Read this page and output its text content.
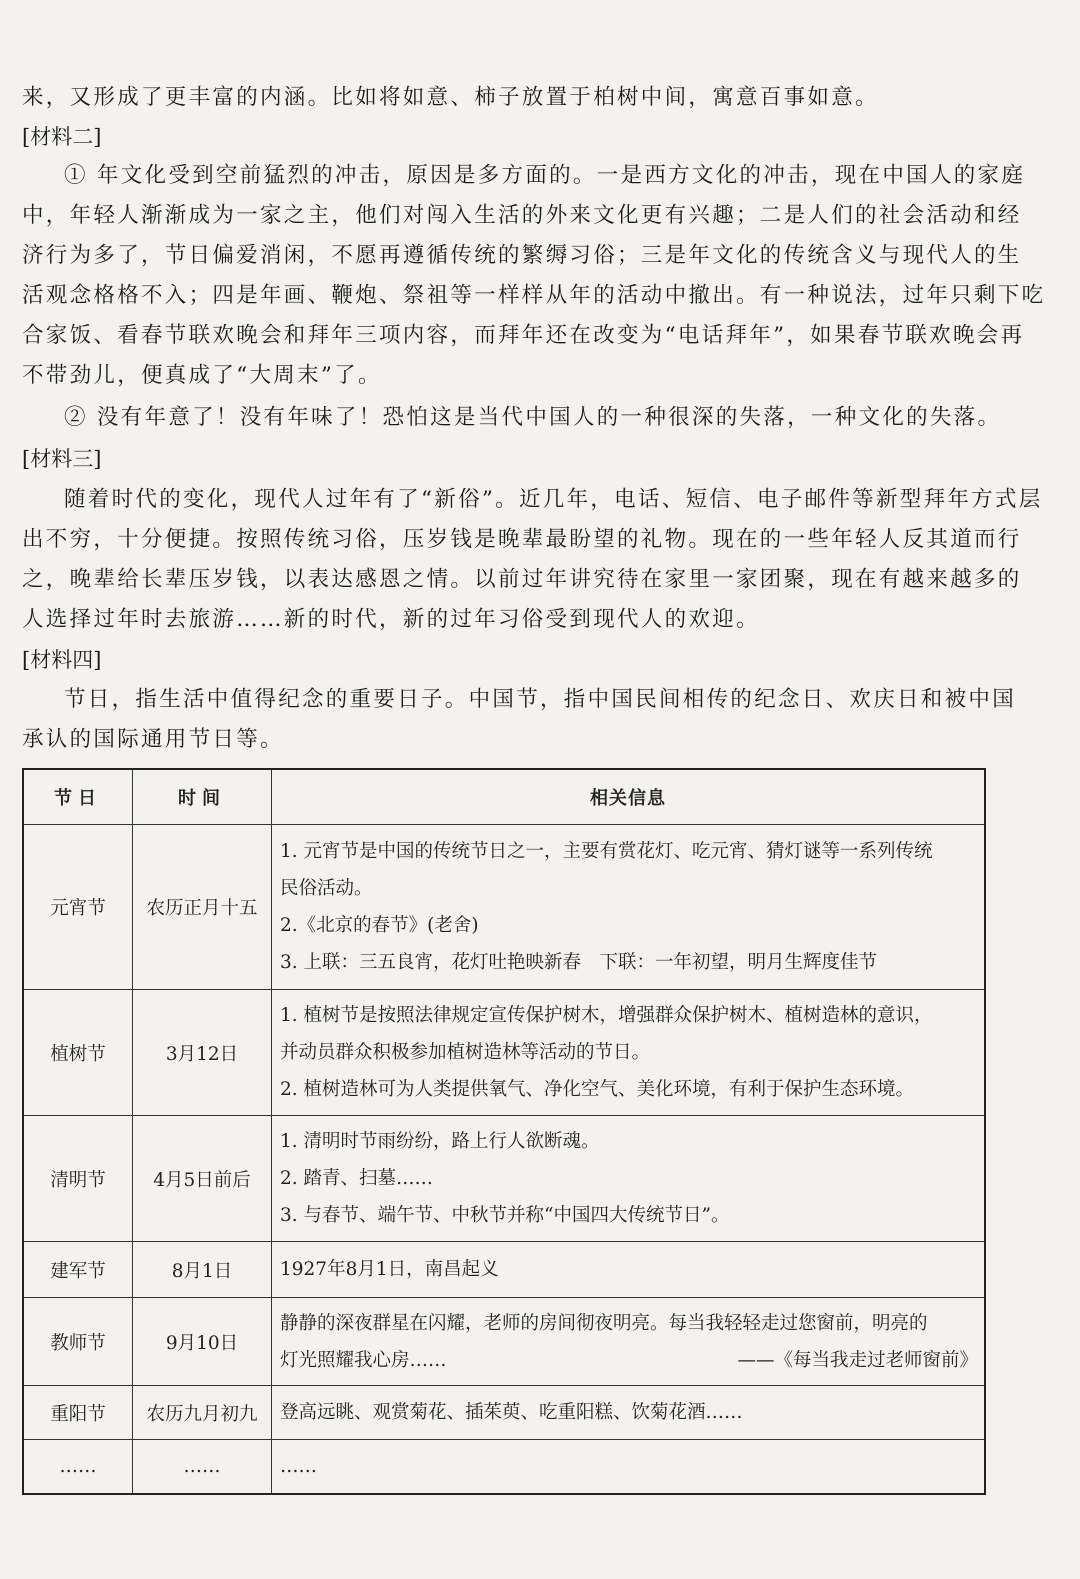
来，又形成了更丰富的内涵。比如将如意、柿子放置于柏树中间，寓意百事如意。
[材料二]
① 年文化受到空前猛烈的冲击，原因是多方面的。一是西方文化的冲击，现在中国人的家庭
中，年轻人渐渐成为一家之主，他们对闯入生活的外来文化更有兴趣；二是人们的社会活动和经
济行为多了，节日偏爱消闲，不愿再遵循传统的繁缛习俗；三是年文化的传统含义与现代人的生
活观念格格不入；四是年画、鞭炮、祭祖等一样样从年的活动中撤出。有一种说法，过年只剩下吃
合家饭、看春节联欢晚会和拜年三项内容，而拜年还在改变为“电话拜年”，如果春节联欢晚会再
不带劲儿，便真成了“大周末”了。
② 没有年意了！没有年味了！恐怕这是当代中国人的一种很深的失落，一种文化的失落。
[材料三]
随着时代的变化，现代人过年有了“新俗”。近几年，电话、短信、电子邮件等新型拜年方式层
出不穷，十分便捷。按照传统习俗，压岁钱是晚辈最盼望的礼物。现在的一些年轻人反其道而行
之，晚辈给长辈压岁钱，以表达感恩之情。以前过年讲究待在家里一家团聚，现在有越来越多的
人选择过年时去旅游……新的时代，新的过年习俗受到现代人的欢迎。
[材料四]
节日，指生活中值得纪念的重要日子。中国节，指中国民间相传的纪念日、欢庆日和被中国
承认的国际通用节日等。
节日	时间	相关信息
元宵节	农历正月十五	1. 元宵节是中国的传统节日之一，主要有赏花灯、吃元宵、猜灯谜等一系列传统
民俗活动。
2.《北京的春节》(老舍)
3. 上联：三五良宵，花灯吐艳映新春　下联：一年初望，明月生辉度佳节

植树节	3月12日	1. 植树节是按照法律规定宣传保护树木，增强群众保护树木、植树造林的意识，
并动员群众积极参加植树造林等活动的节日。
2. 植树造林可为人类提供氧气、净化空气、美化环境，有利于保护生态环境。

清明节	4月5日前后	1. 清明时节雨纷纷，路上行人欲断魂。
2. 踏青、扫墓……
3. 与春节、端午节、中秋节并称“中国四大传统节日”。

建军节	8月1日	1927年8月1日，南昌起义

教师节	9月10日	静静的深夜群星在闪耀，老师的房间彻夜明亮。每当我轻轻走过您窗前，明亮的
灯光照耀我心房…… ——《每当我走过老师窗前》

重阳节	农历九月初九	登高远眺、观赏菊花、插茱萸、吃重阳糕、饮菊花酒……

……	……	……
